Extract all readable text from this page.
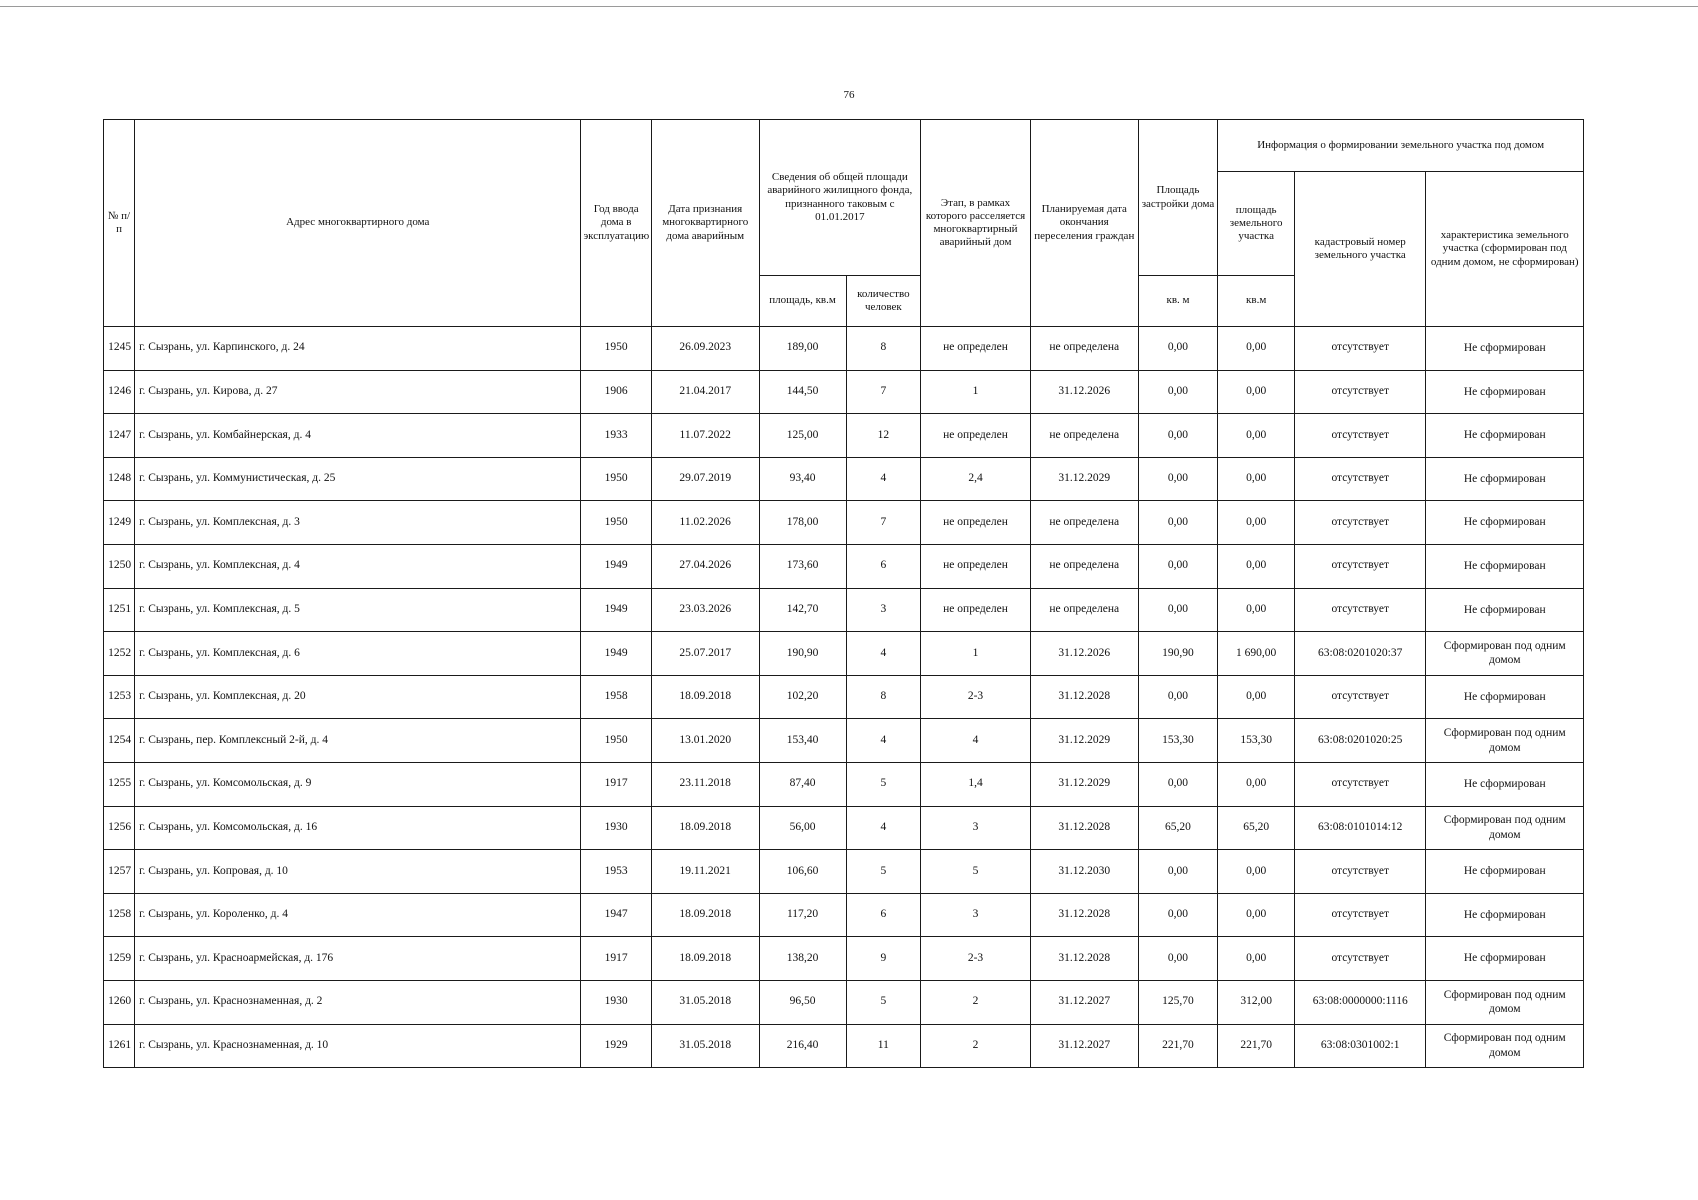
76
№ п/п	Адрес многоквартирного дома	Год ввода дома в эксплуатацию	Дата признания многоквартирного дома аварийным	Сведения об общей площади аварийного жилищного фонда, признанного таковым с 01.01.2017		Этап, в рамках которого расселяется многоквартирный аварийный дом	Планируемая дата окончания переселения граждан	Площадь застройки дома	Информация о формировании земельного участка под домом		
									площадь земельного участка	кадастровый номер земельного участка	характеристика земельного участка (сформирован под одним домом, не сформирован)
				площадь, кв.м	количество человек			кв. м	кв.м		
1245	г. Сызрань, ул. Карпинского, д. 24	1950	26.09.2023	189,00	8	не определен	не определена	0,00	0,00	отсутствует	Не сформирован
1246	г. Сызрань, ул. Кирова, д. 27	1906	21.04.2017	144,50	7	1	31.12.2026	0,00	0,00	отсутствует	Не сформирован
1247	г. Сызрань, ул. Комбайнерская, д. 4	1933	11.07.2022	125,00	12	не определен	не определена	0,00	0,00	отсутствует	Не сформирован
1248	г. Сызрань, ул. Коммунистическая, д. 25	1950	29.07.2019	93,40	4	2,4	31.12.2029	0,00	0,00	отсутствует	Не сформирован
1249	г. Сызрань, ул. Комплексная, д. 3	1950	11.02.2026	178,00	7	не определен	не определена	0,00	0,00	отсутствует	Не сформирован
1250	г. Сызрань, ул. Комплексная, д. 4	1949	27.04.2026	173,60	6	не определен	не определена	0,00	0,00	отсутствует	Не сформирован
1251	г. Сызрань, ул. Комплексная, д. 5	1949	23.03.2026	142,70	3	не определен	не определена	0,00	0,00	отсутствует	Не сформирован
1252	г. Сызрань, ул. Комплексная, д. 6	1949	25.07.2017	190,90	4	1	31.12.2026	190,90	1 690,00	63:08:0201020:37	Сформирован под одним домом
1253	г. Сызрань, ул. Комплексная, д. 20	1958	18.09.2018	102,20	8	2-3	31.12.2028	0,00	0,00	отсутствует	Не сформирован
1254	г. Сызрань, пер. Комплексный 2-й, д. 4	1950	13.01.2020	153,40	4	4	31.12.2029	153,30	153,30	63:08:0201020:25	Сформирован под одним домом
1255	г. Сызрань, ул. Комсомольская, д. 9	1917	23.11.2018	87,40	5	1,4	31.12.2029	0,00	0,00	отсутствует	Не сформирован
1256	г. Сызрань, ул. Комсомольская, д. 16	1930	18.09.2018	56,00	4	3	31.12.2028	65,20	65,20	63:08:0101014:12	Сформирован под одним домом
1257	г. Сызрань, ул. Копровая, д. 10	1953	19.11.2021	106,60	5	5	31.12.2030	0,00	0,00	отсутствует	Не сформирован
1258	г. Сызрань, ул. Короленко, д. 4	1947	18.09.2018	117,20	6	3	31.12.2028	0,00	0,00	отсутствует	Не сформирован
1259	г. Сызрань, ул. Красноармейская, д. 176	1917	18.09.2018	138,20	9	2-3	31.12.2028	0,00	0,00	отсутствует	Не сформирован
1260	г. Сызрань, ул. Краснознаменная, д. 2	1930	31.05.2018	96,50	5	2	31.12.2027	125,70	312,00	63:08:0000000:1116	Сформирован под одним домом
1261	г. Сызрань, ул. Краснознаменная, д. 10	1929	31.05.2018	216,40	11	2	31.12.2027	221,70	221,70	63:08:0301002:1	Сформирован под одним домом
